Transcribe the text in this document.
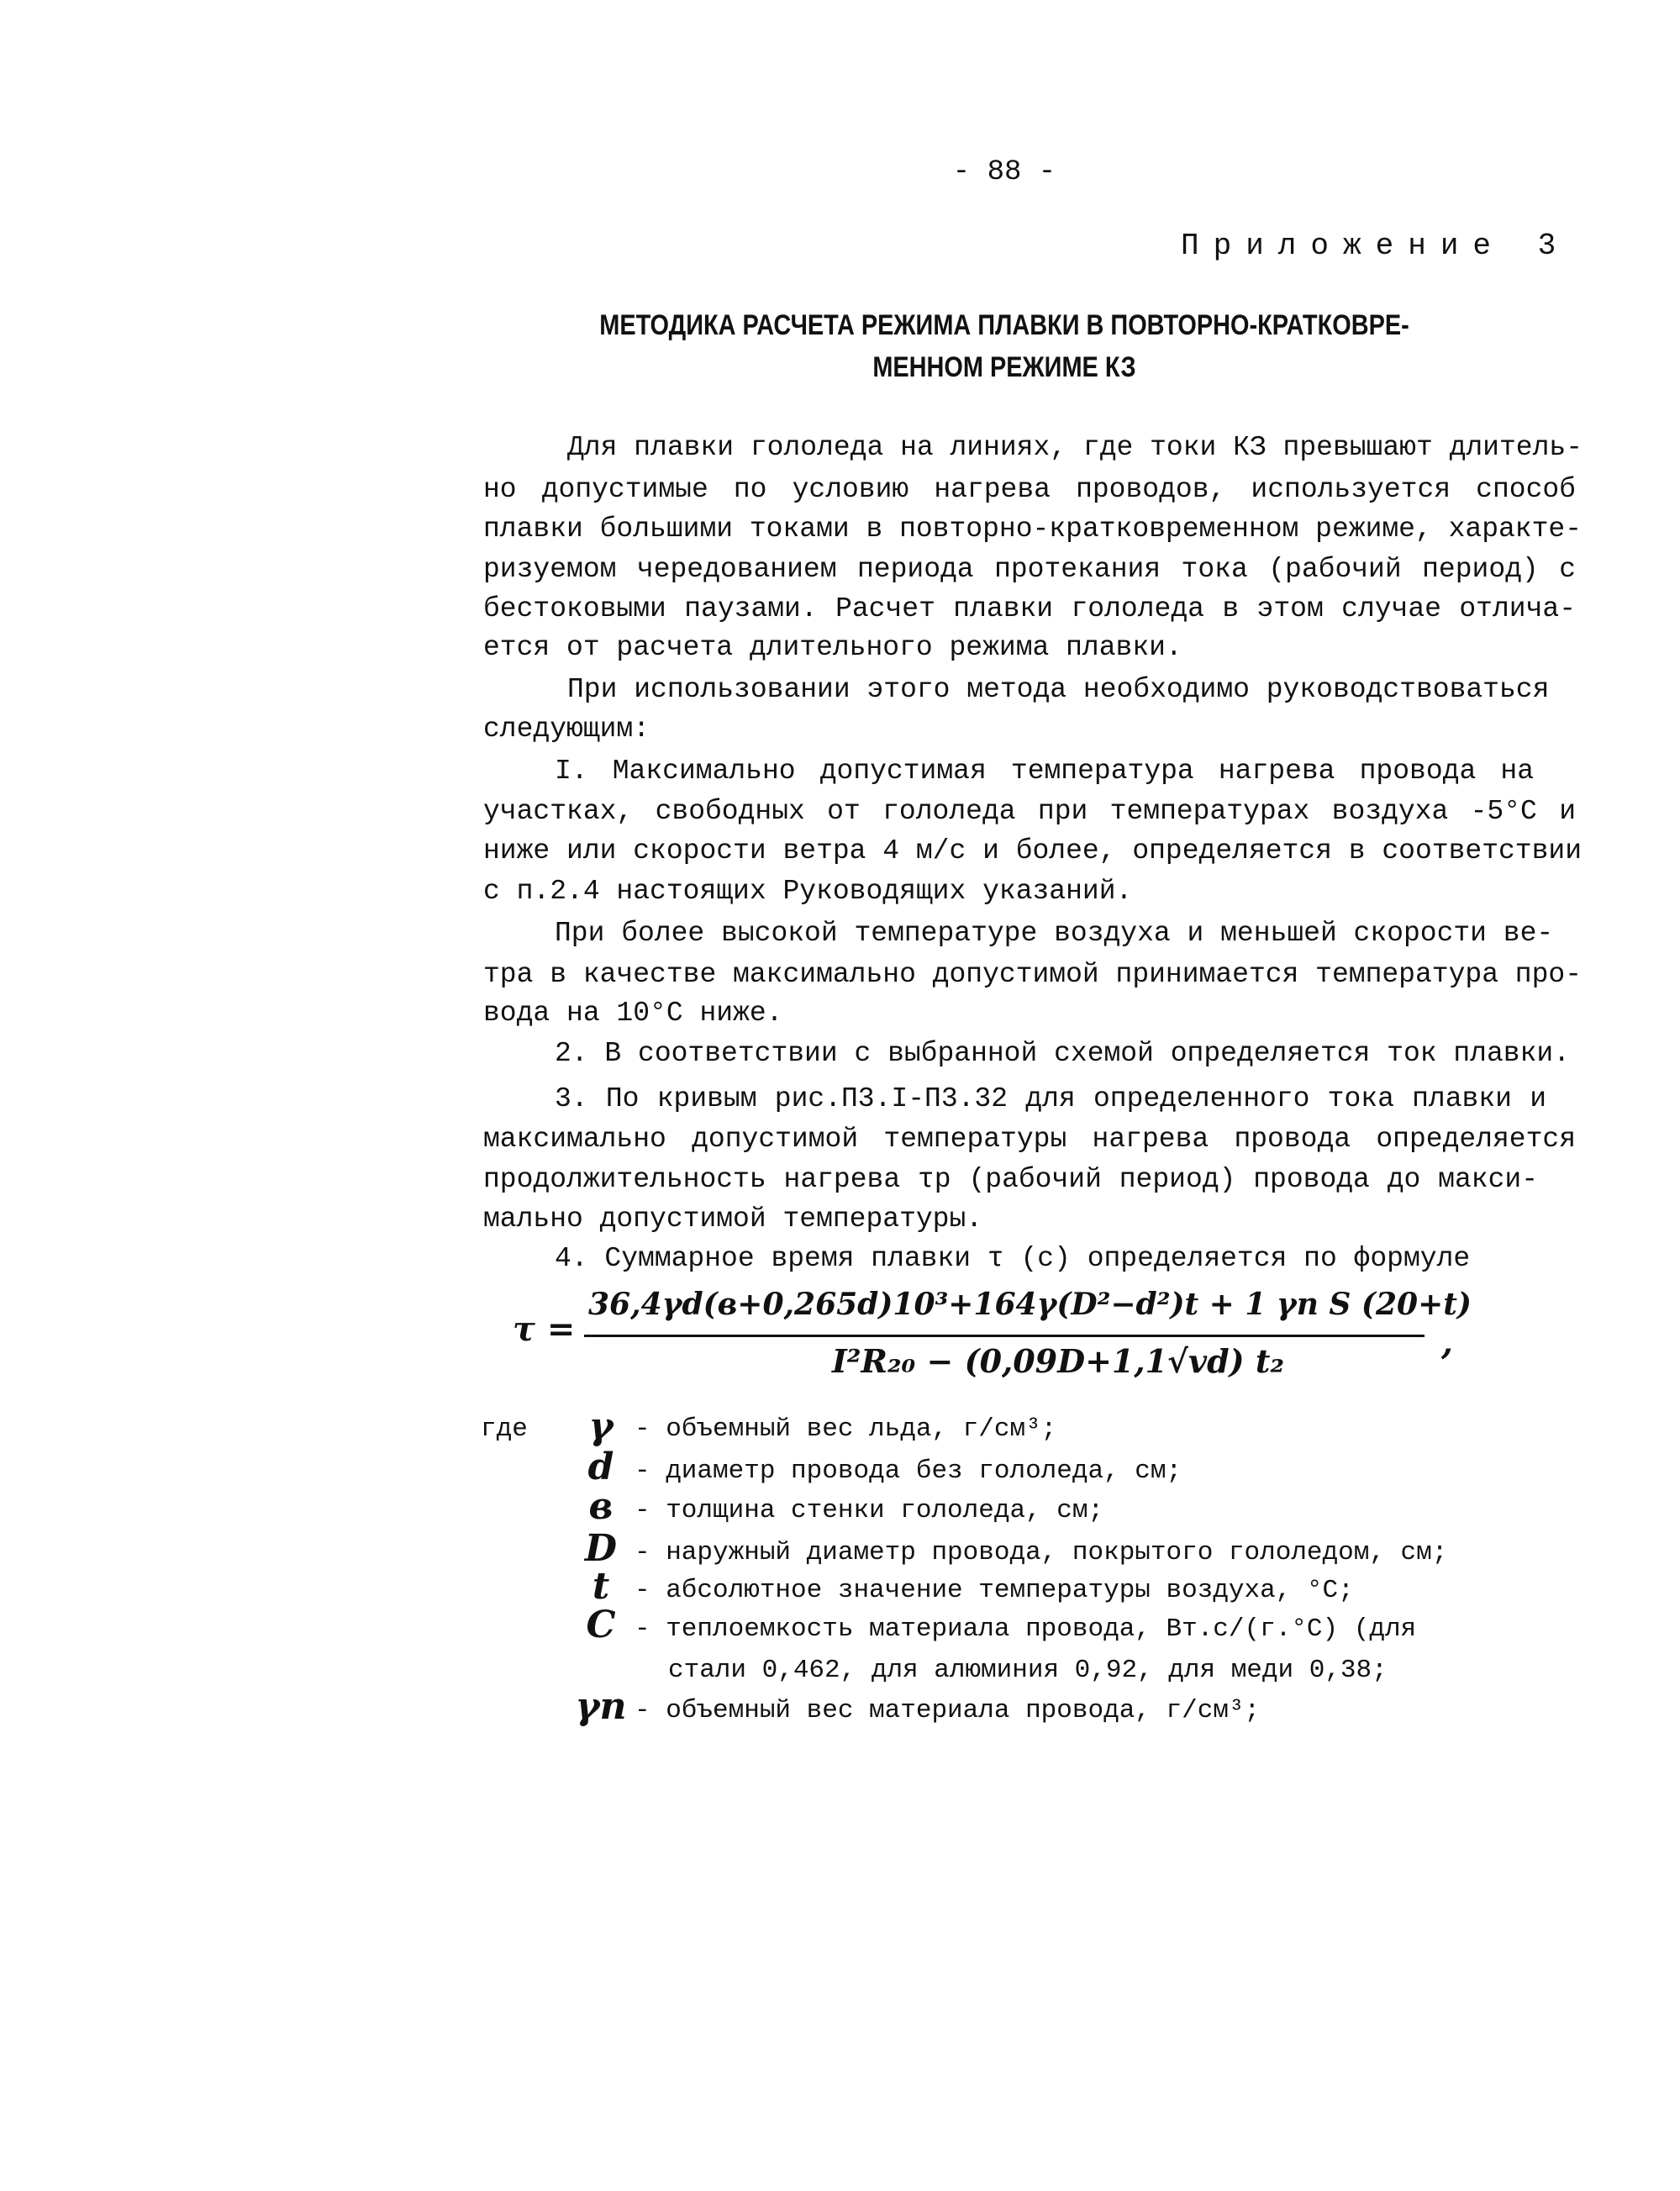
- 88 -
Приложение 3
МЕТОДИКА РАСЧЕТА РЕЖИМА ПЛАВКИ В ПОВТОРНО-КРАТКОВРЕ-
МЕННОМ РЕЖИМЕ КЗ
Для плавки гололеда на линиях, где токи КЗ превышают длитель-
но допустимые по условию нагрева проводов, используется способ
плавки большими токами в повторно-кратковременном режиме, характе-
ризуемом чередованием периода протекания тока (рабочий период) с
бестоковыми паузами. Расчет плавки гололеда в этом случае отлича-
ется от расчета длительного режима плавки.
При использовании этого метода необходимо руководствоваться
следующим:
I. Максимально допустимая температура нагрева провода на
участках, свободных от гололеда при температурах воздуха -5°С и
ниже или скорости ветра 4 м/с и более, определяется в соответствии
с п.2.4 настоящих Руководящих указаний.
При более высокой температуре воздуха и меньшей скорости ве-
тра в качестве максимально допустимой принимается температура про-
вода на 10°С ниже.
2. В соответствии с выбранной схемой определяется ток плавки.
3. По кривым рис.П3.I-П3.32 для определенного тока плавки и
максимально допустимой температуры нагрева провода определяется
продолжительность нагрева τр (рабочий период) провода до макси-
мально допустимой температуры.
4. Суммарное время плавки τ (с) определяется по формуле
τ =
36,4γd(в+0,265d)10³+164γ(D²−d²)t + 1 γп S (20+t)
I²R₂₀ − (0,09D+1,1√vd) t₂	,
где	γ - объемный вес льда, г/см³;
d - диаметр провода без гололеда, см;
в - толщина стенки гололеда, см;
D - наружный диаметр провода, покрытого гололедом, см;
t - абсолютное значение температуры воздуха, °С;
C - теплоемкость материала провода, Вт.с/(г.°С) (для
стали 0,462, для алюминия 0,92, для меди 0,38;
γп - объемный вес материала провода, г/см³;
